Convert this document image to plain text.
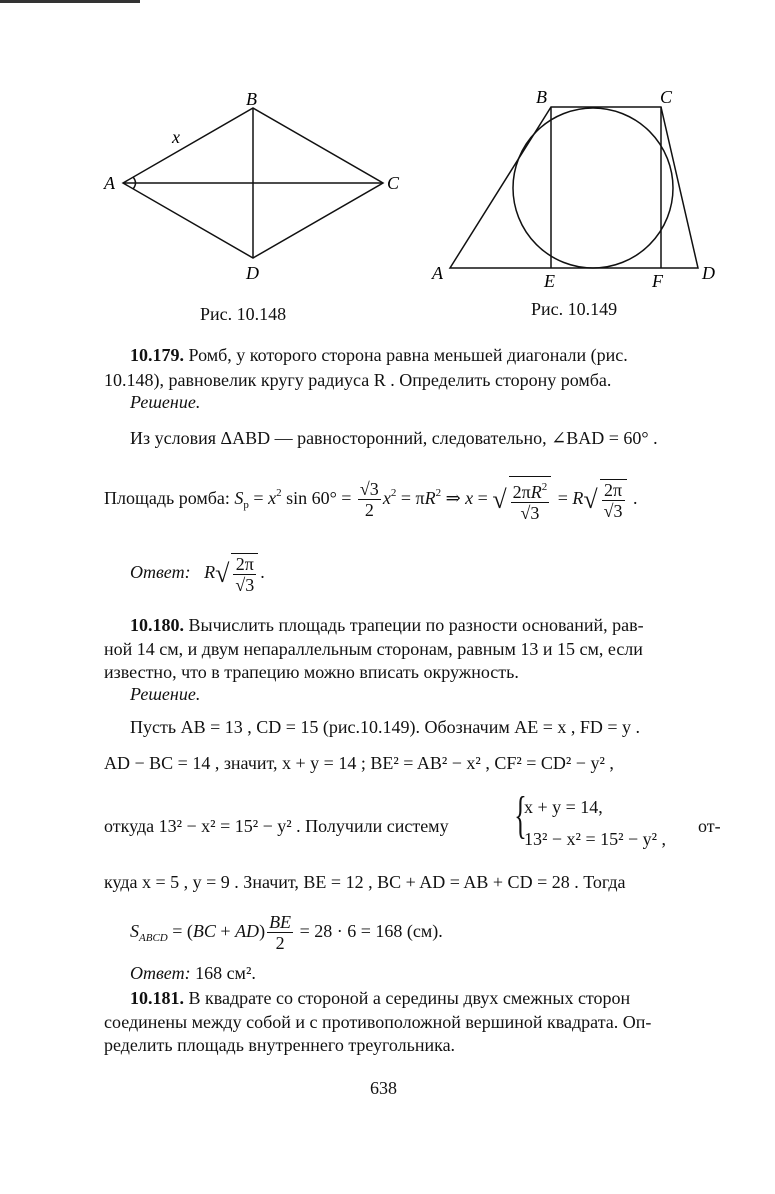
B
A	C
D
x
Рис. 10.148
B	C
A	E	F D
Рис. 10.149
10.179. Ромб, у которого сторона равна меньшей диагонали (рис.
10.148), равновелик кругу радиуса R . Определить сторону ромба.
Решение.
Из условия ΔABD — равносторонний, следовательно, ∠BAD = 60° .
Площадь ромба: $S_p = x^2$ $\sin 60^\circ = \frac{√3}{2} x^2 = \pi R^2$ ⇒ x = √ $\frac{2\pi R^2}{√3} = R√ \frac{2\pi}{√3}$ .
Ответ: $R√ \frac{2\pi}{√3}$ .
10.180. Вычислить площадь трапеции по разности оснований, рав-
ной 14 см, и двум непараллельным сторонам, равным 13 и 15 см, если
известно, что в трапецию можно вписать окружность.
Решение.
Пусть AB = 13 , CD = 15 (рис.10.149). Обозначим AE = x , FD = y .
AD − BC = 14 , значит, x + y = 14 ; BE² = AB² − x² , CF² = CD² − y² ,
откуда 13² − x² = 15² − y² . Получили систему {
x + y = 14,
13² − x² = 15² − y² ,
от-
куда x = 5 , y = 9 . Значит, BE = 12 , BC + AD = AB + CD = 28 . Тогда
$S_{ABCD} = (BC + AD) \frac{BE}{2} = 28 \cdot 6 = 168$ (см).
Ответ: 168 см².
10.181. В квадрате со стороной a середины двух смежных сторон
соединены между собой и с противоположной вершиной квадрата. Оп-
ределить площадь внутреннего треугольника.
638
